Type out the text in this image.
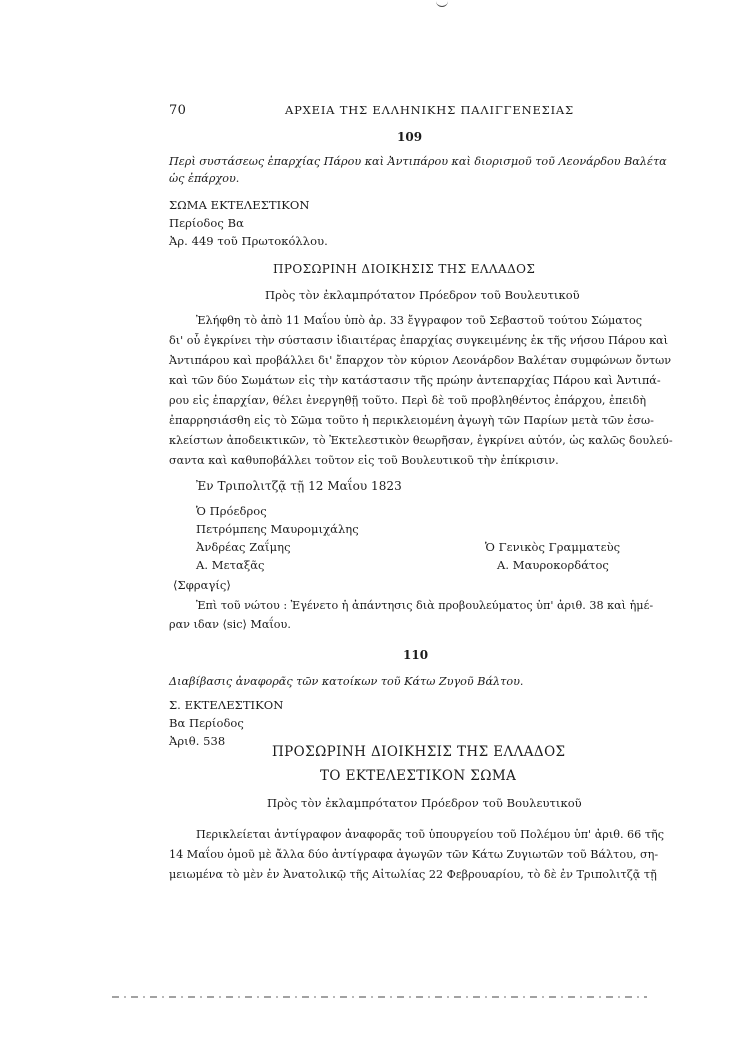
70	ΑΡΧΕΙΑ ΤΗΣ ΕΛΛΗΝΙΚΗΣ ΠΑΛΙΓΓΕΝΕΣΙΑΣ
109
Περὶ συστάσεως ἐπαρχίας Πάρου καὶ Ἀντιπάρου καὶ διορισμοῦ τοῦ Λεονάρδου Βαλέτα
ὡς ἐπάρχου.
ΣΩΜΑ ΕΚΤΕΛΕΣΤΙΚΟΝ
Περίοδος Βα
Ἀρ. 449 τοῦ Πρωτοκόλλου.
ΠΡΟΣΩΡΙΝΗ ΔΙΟΙΚΗΣΙΣ ΤΗΣ ΕΛΛΑΔΟΣ
Πρὸς τὸν ἐκλαμπρότατον Πρόεδρον τοῦ Βουλευτικοῦ
Ἐλήφθη τὸ ἀπὸ 11 Μαΐου ὑπὸ ἀρ. 33 ἔγγραφον τοῦ Σεβαστοῦ τούτου Σώματος
δι' οὗ ἐγκρίνει τὴν σύστασιν ἰδιαιτέρας ἐπαρχίας συγκειμένης ἐκ τῆς νήσου Πάρου καὶ
Ἀντιπάρου καὶ προβάλλει δι' ἔπαρχον τὸν κύριον Λεονάρδον Βαλέταν συμφώνων ὄντων
καὶ τῶν δύο Σωμάτων εἰς τὴν κατάστασιν τῆς πρώην ἀντεπαρχίας Πάρου καὶ Ἀντιπά-
ρου εἰς ἐπαρχίαν, θέλει ἐνεργηθῇ τοῦτο. Περὶ δὲ τοῦ προβληθέντος ἐπάρχου, ἐπειδὴ
ἐπαρρησιάσθη εἰς τὸ Σῶμα τοῦτο ἡ περικλειομένη ἀγωγὴ τῶν Παρίων μετὰ τῶν ἐσω-
κλείστων ἀποδεικτικῶν, τὸ Ἐκτελεστικὸν θεωρῆσαν, ἐγκρίνει αὐτόν, ὡς καλῶς δουλεύ-
σαντα καὶ καθυποβάλλει τοῦτον εἰς τοῦ Βουλευτικοῦ τὴν ἐπίκρισιν.
Ἐν Τριπολιτζᾷ τῇ 12 Μαΐου 1823
Ὁ Πρόεδρος
Πετρόμπεης Μαυρομιχάλης
Ἀνδρέας Ζαΐμης
Α. Μεταξᾶς
Ὁ Γενικὸς Γραμματεὺς
Α. Μαυροκορδάτος
⟨Σφραγίς⟩
Ἐπὶ τοῦ νώτου : Ἐγένετο ἡ ἀπάντησις διὰ προβουλεύματος ὑπ' ἀριθ. 38 καὶ ἡμέ-
ραν ιδαν ⟨sic⟩ Μαΐου.
110
Διαβίβασις ἀναφορᾶς τῶν κατοίκων τοῦ Κάτω Ζυγοῦ Βάλτου.
Σ. ΕΚΤΕΛΕΣΤΙΚΟΝ
Βα Περίοδος
Ἀριθ. 538
ΠΡΟΣΩΡΙΝΗ ΔΙΟΙΚΗΣΙΣ ΤΗΣ ΕΛΛΑΔΟΣ
ΤΟ ΕΚΤΕΛΕΣΤΙΚΟΝ ΣΩΜΑ
Πρὸς τὸν ἐκλαμπρότατον Πρόεδρον τοῦ Βουλευτικοῦ
Περικλείεται ἀντίγραφον ἀναφορᾶς τοῦ ὑπουργείου τοῦ Πολέμου ὑπ' ἀριθ. 66 τῆς
14 Μαΐου ὁμοῦ μὲ ἄλλα δύο ἀντίγραφα ἀγωγῶν τῶν Κάτω Ζυγιωτῶν τοῦ Βάλτου, ση-
μειωμένα τὸ μὲν ἐν Ἀνατολικῷ τῆς Αἰτωλίας 22 Φεβρουαρίου, τὸ δὲ ἐν Τριπολιτζᾷ τῇ
